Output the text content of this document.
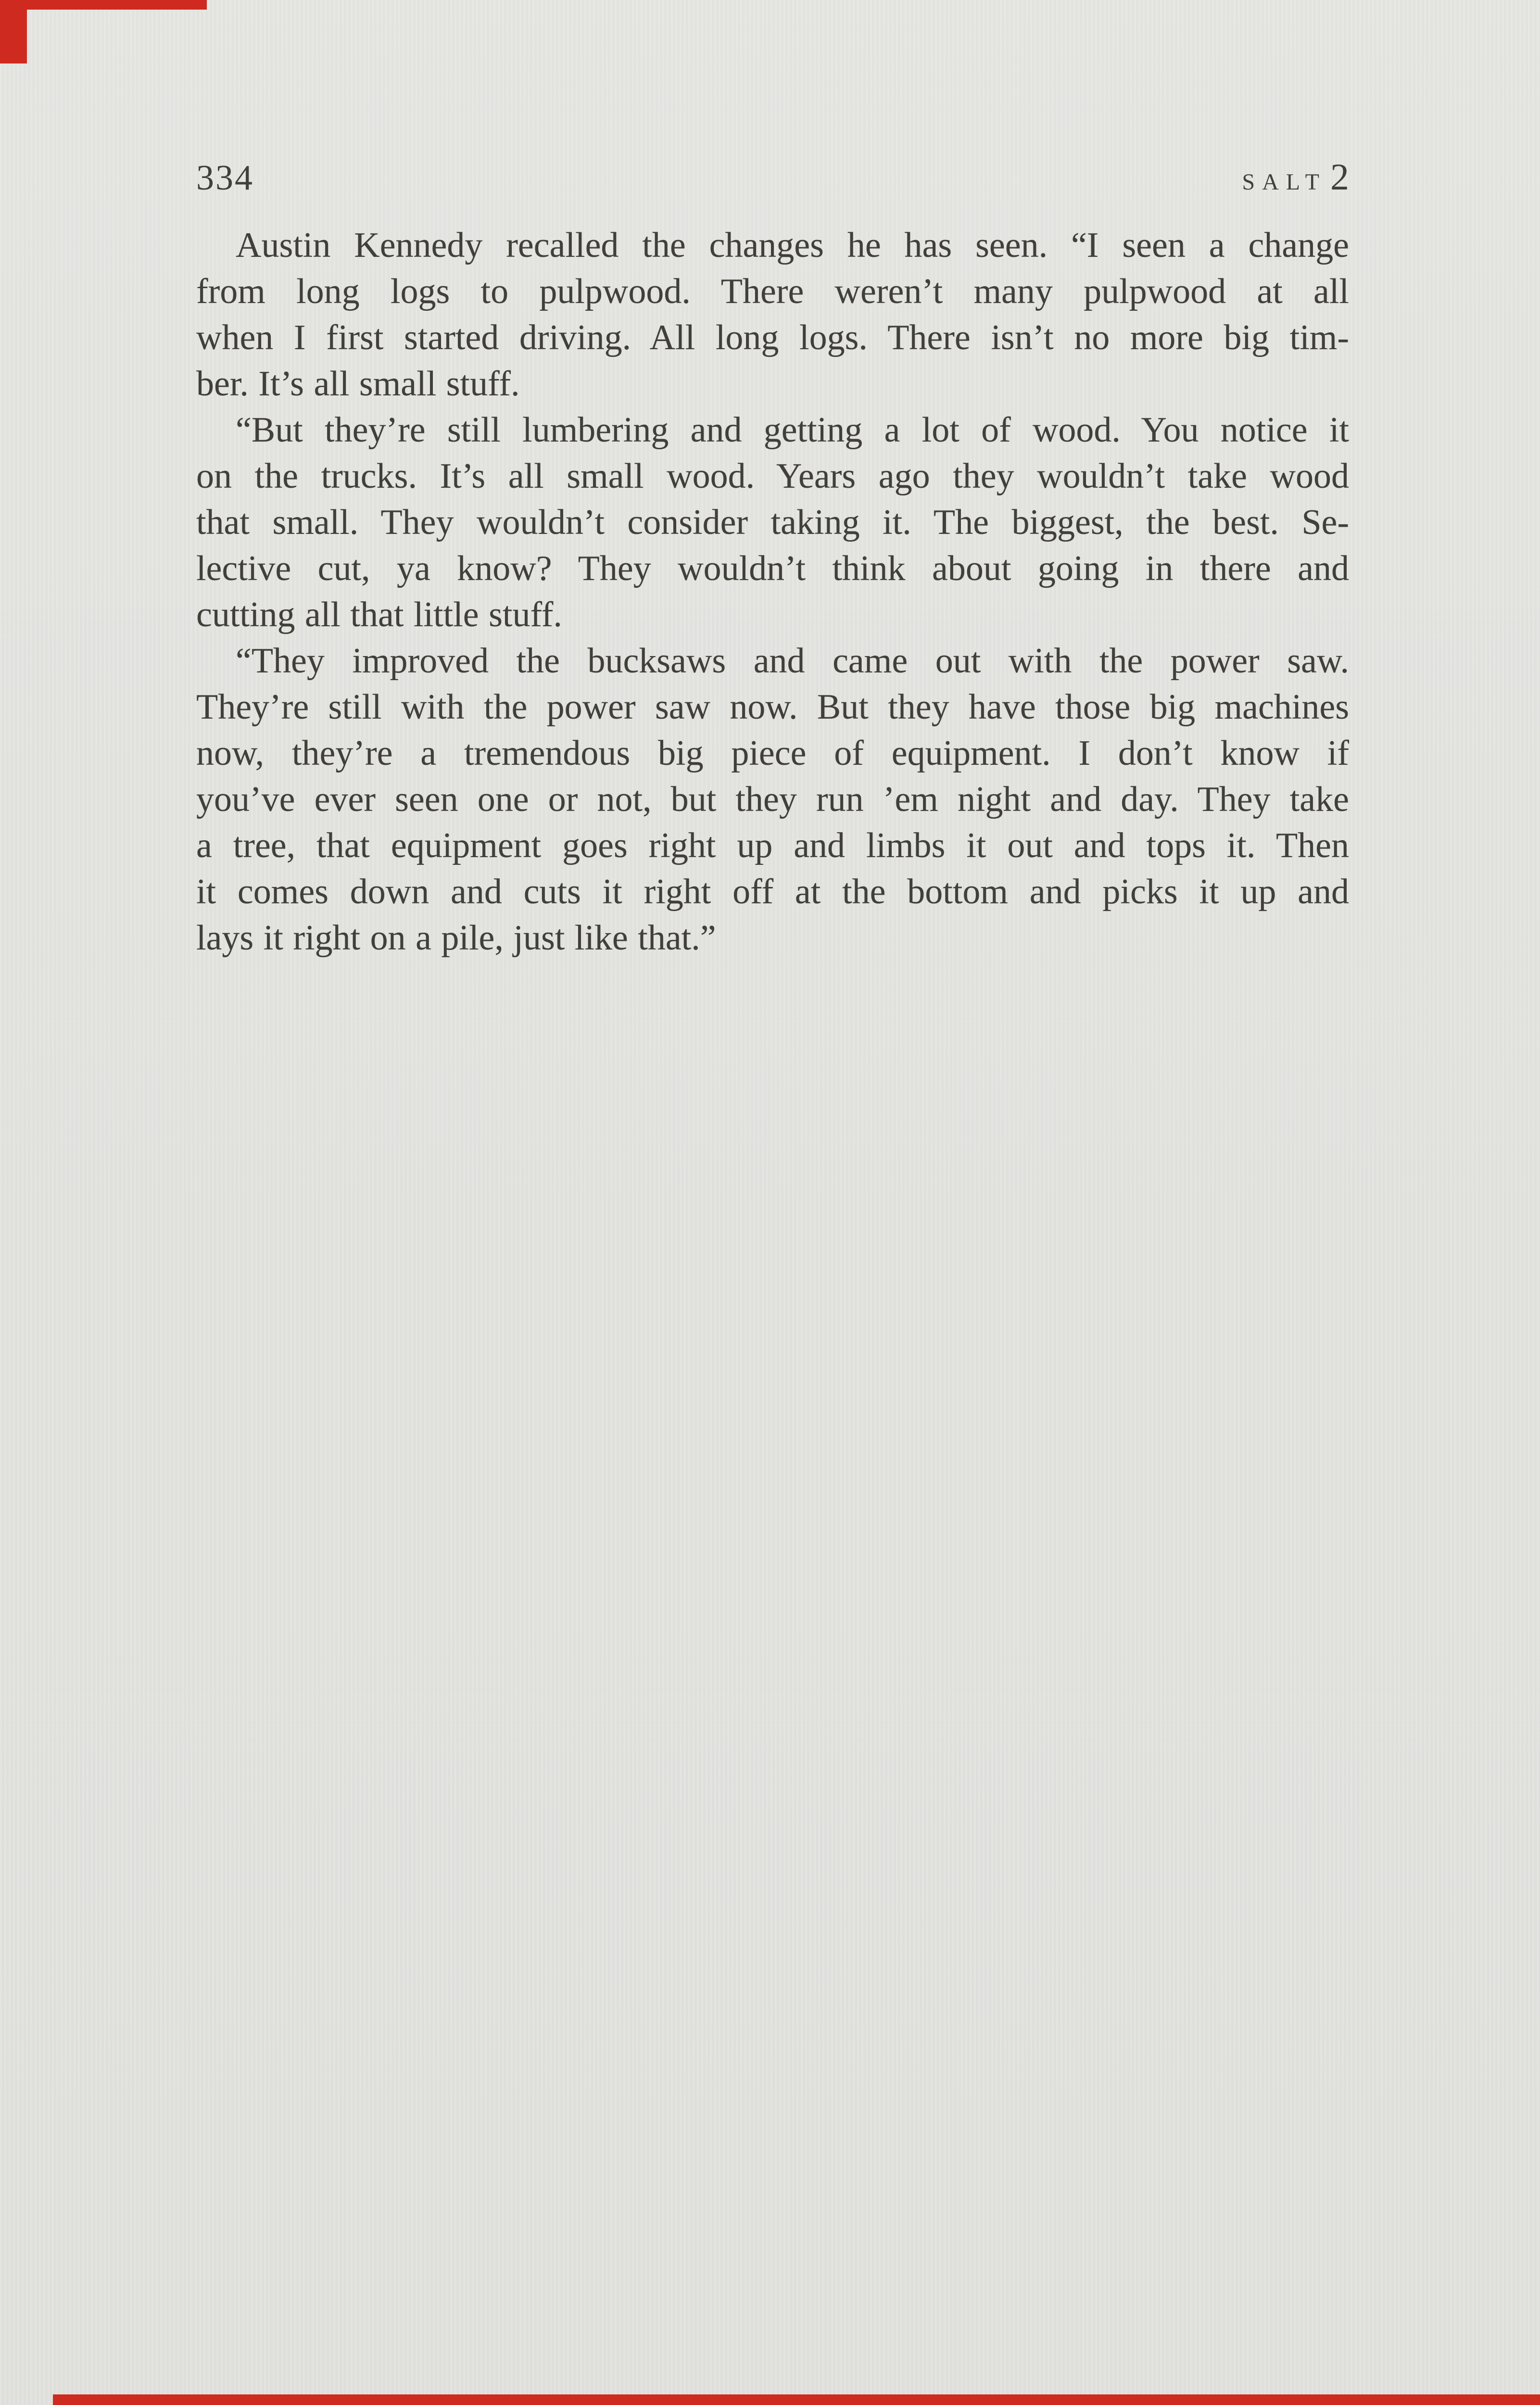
334	SALT 2
Austin Kennedy recalled the changes he has seen. “I seen a change
from long logs to pulpwood. There weren’t many pulpwood at all
when I first started driving. All long logs. There isn’t no more big tim-
ber. It’s all small stuff.
“But they’re still lumbering and getting a lot of wood. You notice it
on the trucks. It’s all small wood. Years ago they wouldn’t take wood
that small. They wouldn’t consider taking it. The biggest, the best. Se-
lective cut, ya know? They wouldn’t think about going in there and
cutting all that little stuff.
“They improved the bucksaws and came out with the power saw.
They’re still with the power saw now. But they have those big machines
now, they’re a tremendous big piece of equipment. I don’t know if
you’ve ever seen one or not, but they run ’em night and day. They take
a tree, that equipment goes right up and limbs it out and tops it. Then
it comes down and cuts it right off at the bottom and picks it up and
lays it right on a pile, just like that.”
